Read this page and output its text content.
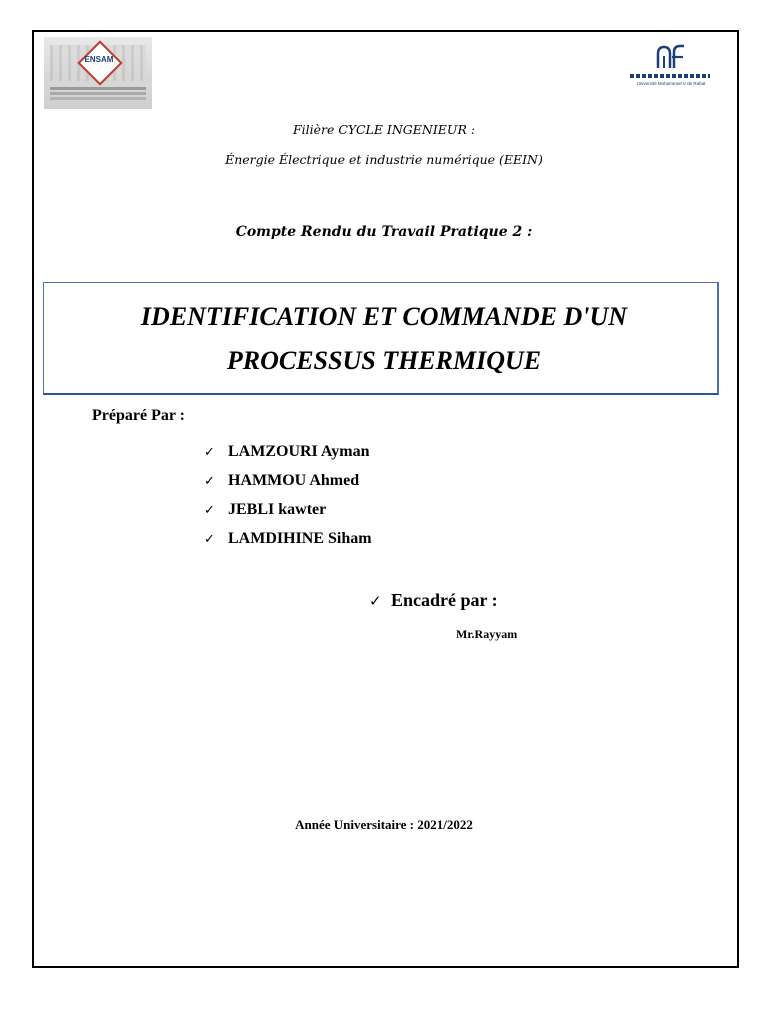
ENSAM
Université Mohammed V de Rabat
Filière CYCLE INGENIEUR :
Énergie Électrique et industrie numérique (EEIN)
Compte Rendu du Travail Pratique 2 :
IDENTIFICATION ET COMMANDE D'UN
PROCESSUS THERMIQUE
Préparé Par :
✓ LAMZOURI Ayman
✓ HAMMOU Ahmed
✓ JEBLI kawter
✓ LAMDIHINE Siham
✓ Encadré par :
Mr.Rayyam
Année Universitaire : 2021/2022
